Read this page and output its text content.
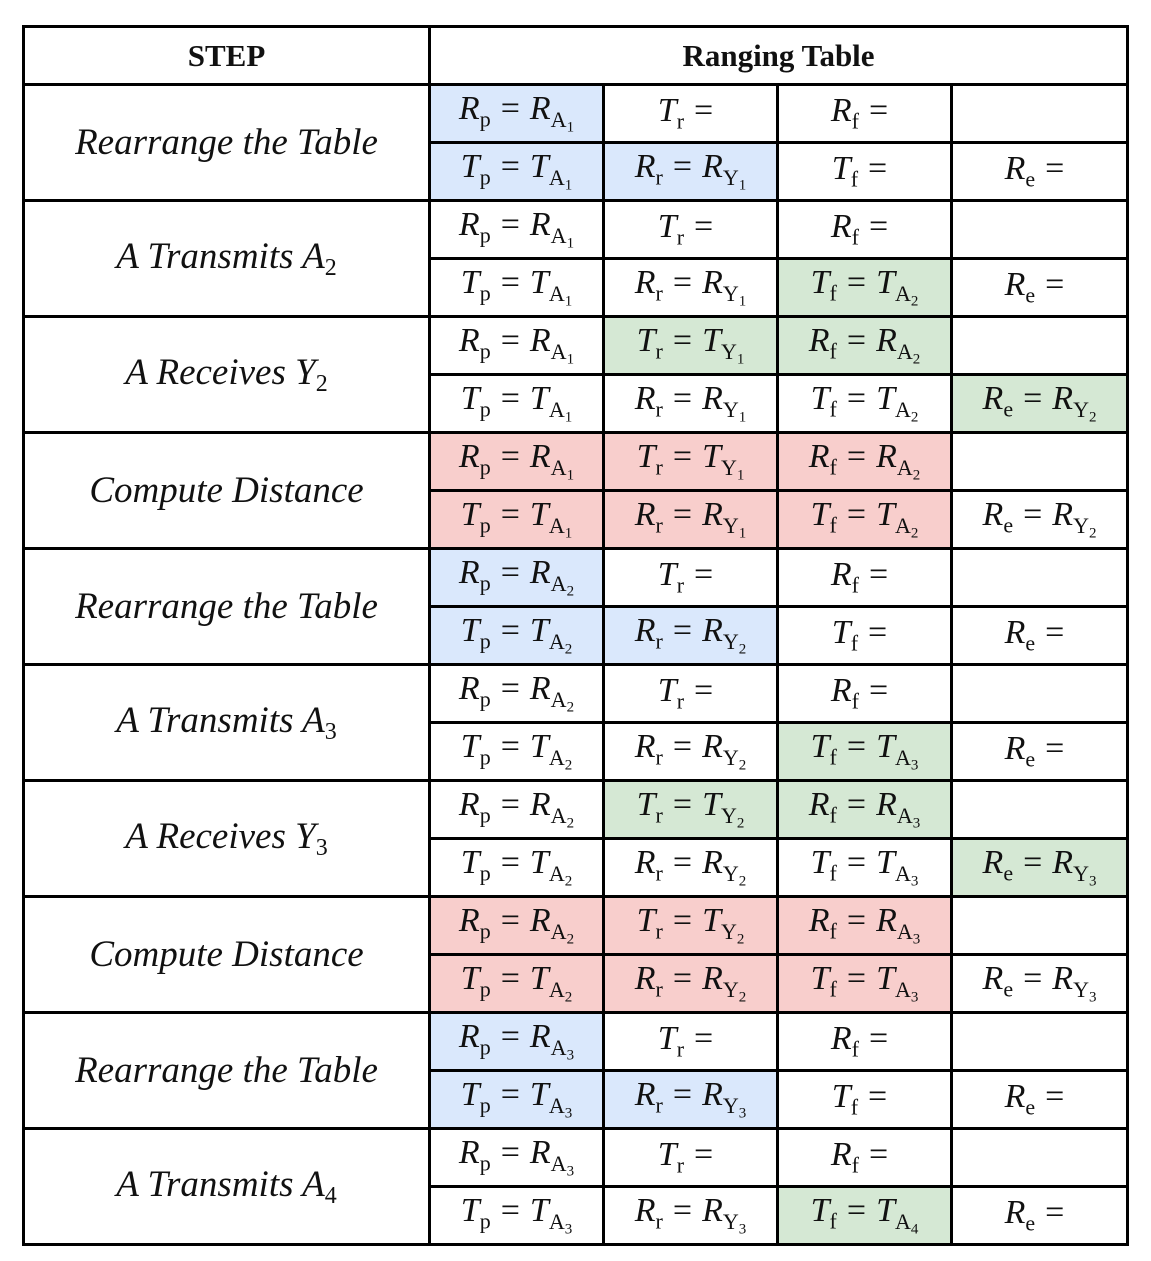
STEP	Ranging Table			
Rearrange the Table	$R_p = R_{A_1}$	$T_r$ =	$R_f$ =	
	$T_p = T_{A_1}$	$R_r = R_{Y_1}$	$T_f$ =	$R_e$ =
A Transmits $A_2$	$R_p = R_{A_1}$	$T_r$ =	$R_f$ =	
	$T_p = T_{A_1}$	$R_r = R_{Y_1}$	$T_f = T_{A_2}$	$R_e$ =
A Receives $Y_2$	$R_p = R_{A_1}$	$T_r = T_{Y_1}$	$R_f = R_{A_2}$	
	$T_p = T_{A_1}$	$R_r = R_{Y_1}$	$T_f = T_{A_2}$	$R_e = R_{Y_2}$
Compute Distance	$R_p = R_{A_1}$	$T_r = T_{Y_1}$	$R_f = R_{A_2}$	
	$T_p = T_{A_1}$	$R_r = R_{Y_1}$	$T_f = T_{A_2}$	$R_e = R_{Y_2}$
Rearrange the Table	$R_p = R_{A_2}$	$T_r$ =	$R_f$ =	
	$T_p = T_{A_2}$	$R_r = R_{Y_2}$	$T_f$ =	$R_e$ =
A Transmits $A_3$	$R_p = R_{A_2}$	$T_r$ =	$R_f$ =	
	$T_p = T_{A_2}$	$R_r = R_{Y_2}$	$T_f = T_{A_3}$	$R_e$ =
A Receives $Y_3$	$R_p = R_{A_2}$	$T_r = T_{Y_2}$	$R_f = R_{A_3}$	
	$T_p = T_{A_2}$	$R_r = R_{Y_2}$	$T_f = T_{A_3}$	$R_e = R_{Y_3}$
Compute Distance	$R_p = R_{A_2}$	$T_r = T_{Y_2}$	$R_f = R_{A_3}$	
	$T_p = T_{A_2}$	$R_r = R_{Y_2}$	$T_f = T_{A_3}$	$R_e = R_{Y_3}$
Rearrange the Table	$R_p = R_{A_3}$	$T_r$ =	$R_f$ =	
	$T_p = T_{A_3}$	$R_r = R_{Y_3}$	$T_f$ =	$R_e$ =
A Transmits $A_4$	$R_p = R_{A_3}$	$T_r$ =	$R_f$ =	
	$T_p = T_{A_3}$	$R_r = R_{Y_3}$	$T_f = T_{A_4}$	$R_e$ =
